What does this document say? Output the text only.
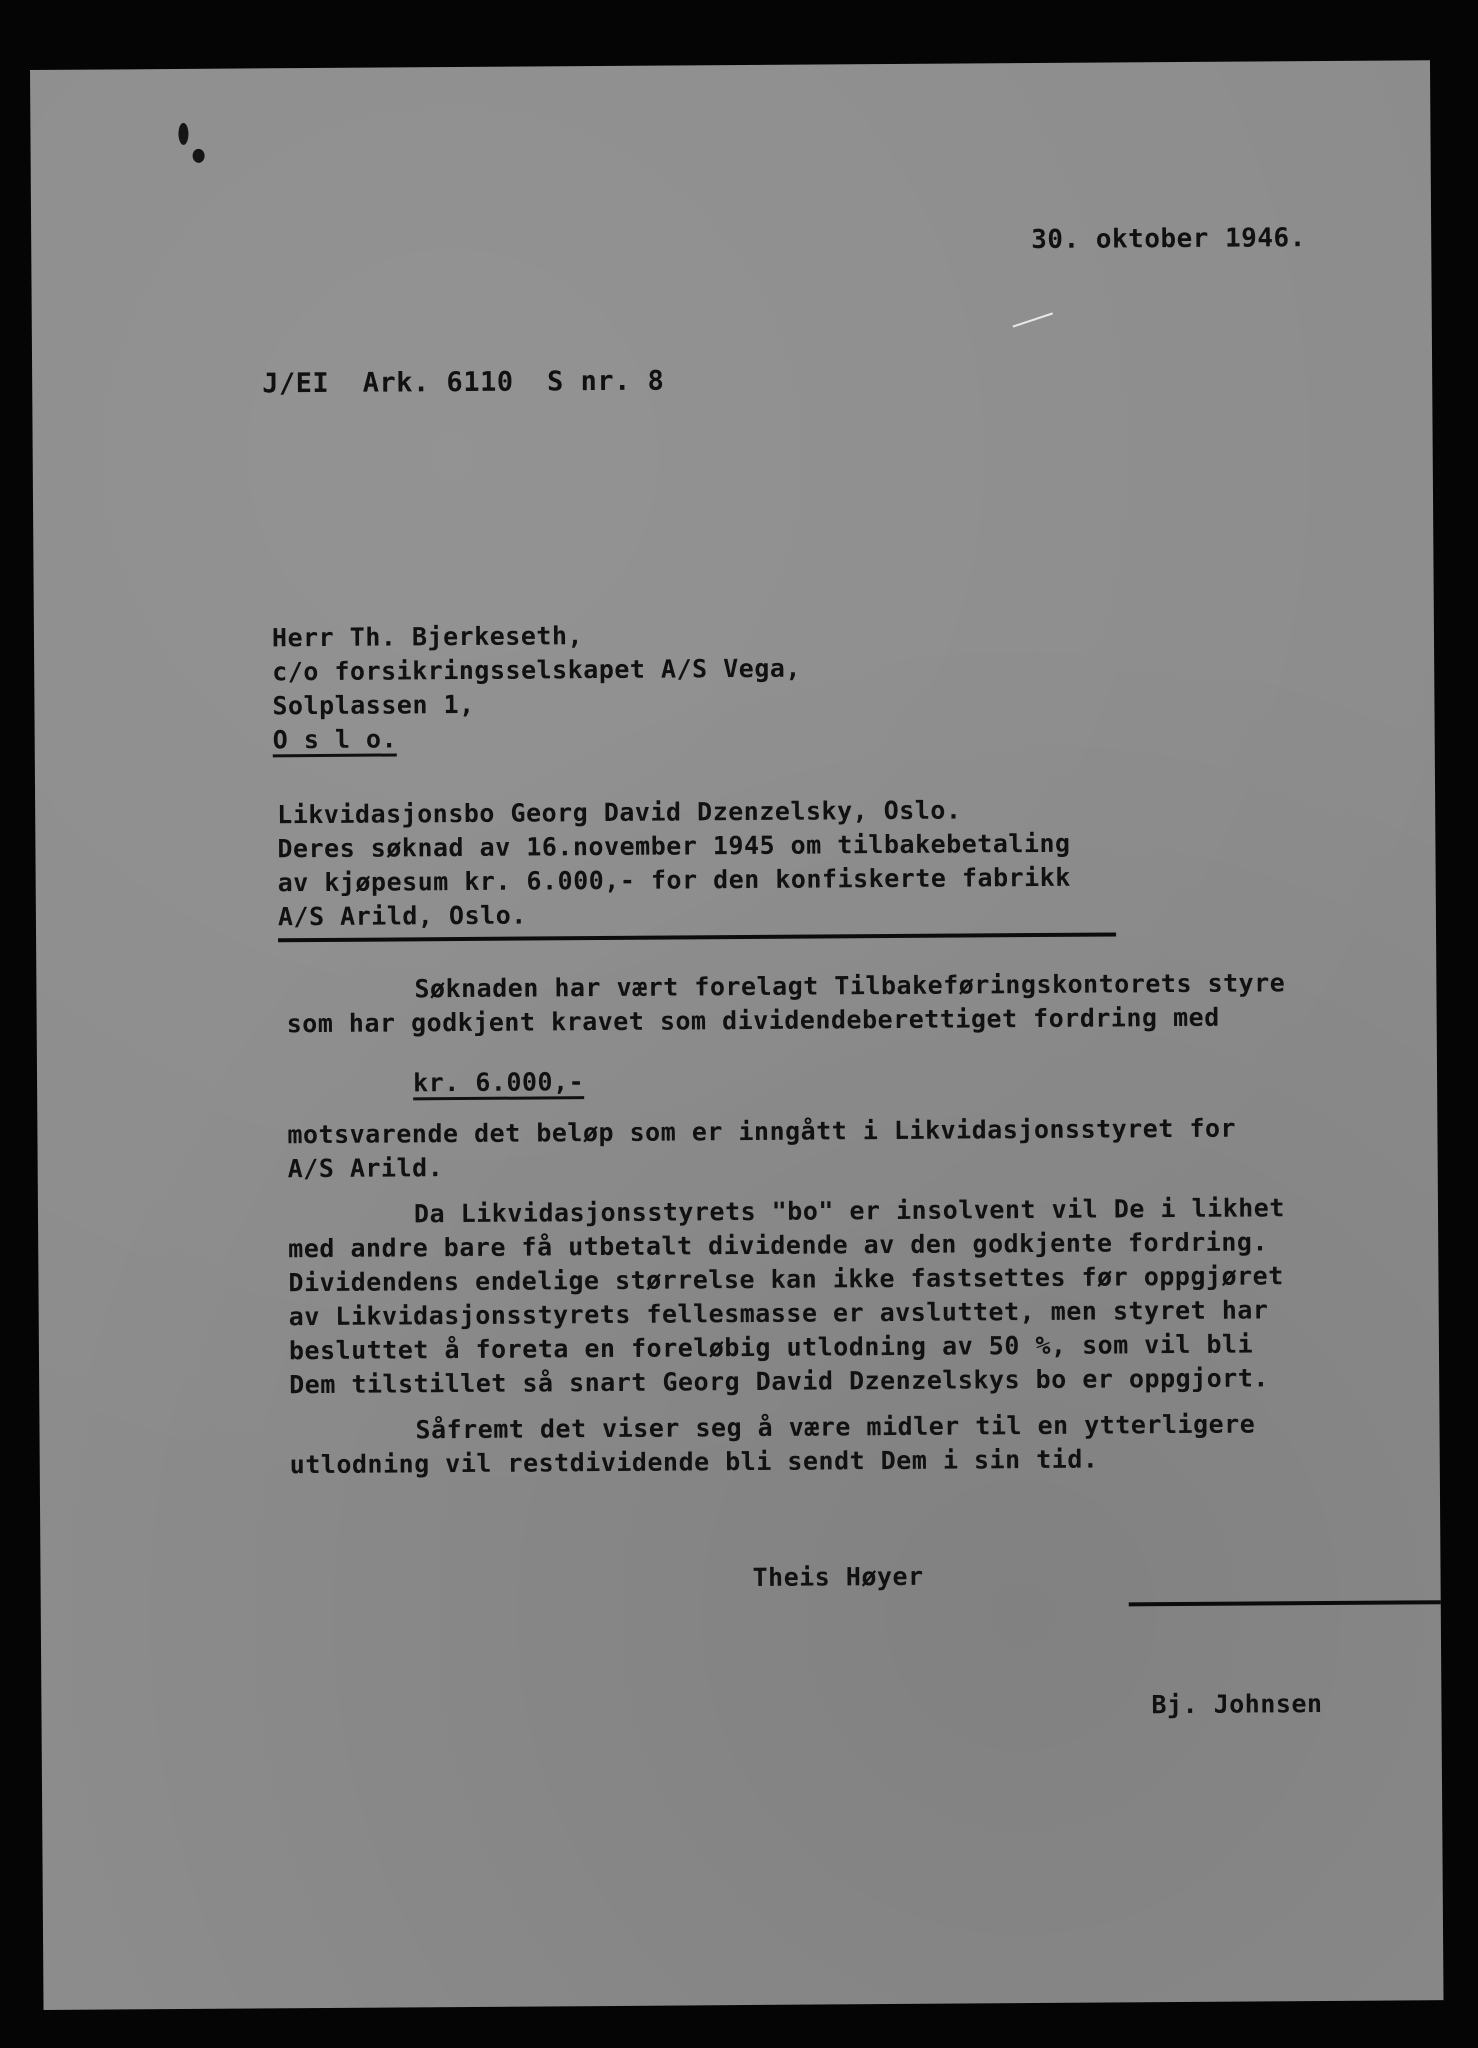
30. oktober 1946.
J/EI  Ark. 6110  S nr. 8
Herr Th. Bjerkeseth,
c/o forsikringsselskapet A/S Vega,
Solplassen 1,
O s l o.
Likvidasjonsbo Georg David Dzenzelsky, Oslo.
Deres søknad av 16.november 1945 om tilbakebetaling
av kjøpesum kr. 6.000,- for den konfiskerte fabrikk
A/S Arild, Oslo.
Søknaden har vært forelagt Tilbakeføringskontorets styre
som har godkjent kravet som dividendeberettiget fordring med
kr. 6.000,-
motsvarende det beløp som er inngått i Likvidasjonsstyret for
A/S Arild.
Da Likvidasjonsstyrets "bo" er insolvent vil De i likhet
med andre bare få utbetalt dividende av den godkjente fordring.
Dividendens endelige størrelse kan ikke fastsettes før oppgjøret
av Likvidasjonsstyrets fellesmasse er avsluttet, men styret har
besluttet å foreta en foreløbig utlodning av 50 %, som vil bli
Dem tilstillet så snart Georg David Dzenzelskys bo er oppgjort.
Såfremt det viser seg å være midler til en ytterligere
utlodning vil restdividende bli sendt Dem i sin tid.
Theis Høyer
Bj. Johnsen
